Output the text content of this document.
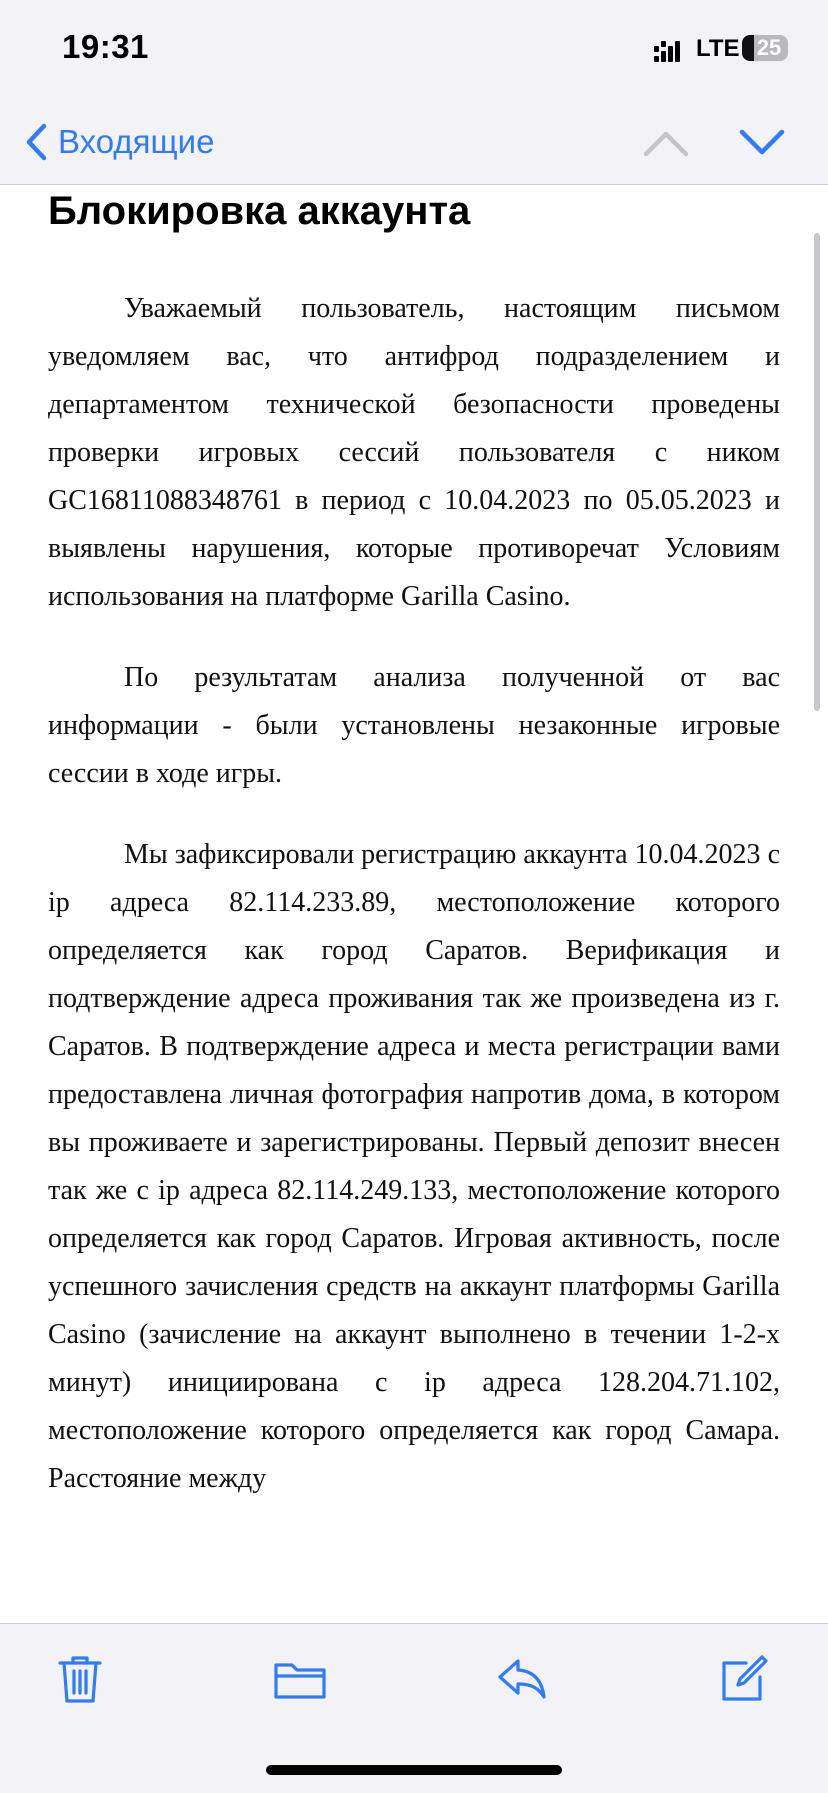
19:31	LTE 25
Входящие
Блокировка аккаунта

Уважаемый пользователь, настоящим письмом уведомляем вас, что антифрод подразделением и департаментом технической безопасности проведены проверки игровых сессий пользователя с ником GC16811088348761 в период с 10.04.2023 по 05.05.2023 и выявлены нарушения, которые противоречат Условиям использования на платформе Garilla Casino.

По результатам анализа полученной от вас информации - были установлены незаконные игровые сессии в ходе игры.

Мы зафиксировали регистрацию аккаунта 10.04.2023 с ip адреса 82.114.233.89, местоположение которого определяется как город Саратов. Верификация и подтверждение адреса проживания так же произведена из г. Саратов. В подтверждение адреса и места регистрации вами предоставлена личная фотография напротив дома, в котором вы проживаете и зарегистрированы. Первый депозит внесен так же с ip адреса 82.114.249.133, местоположение которого определяется как город Саратов. Игровая активность, после успешного зачисления средств на аккаунт платформы Garilla Casino (зачисление на аккаунт выполнено в течении 1-2-х минут) инициирована с ip адреса 128.204.71.102, местоположение которого определяется как город Самара. Расстояние между
